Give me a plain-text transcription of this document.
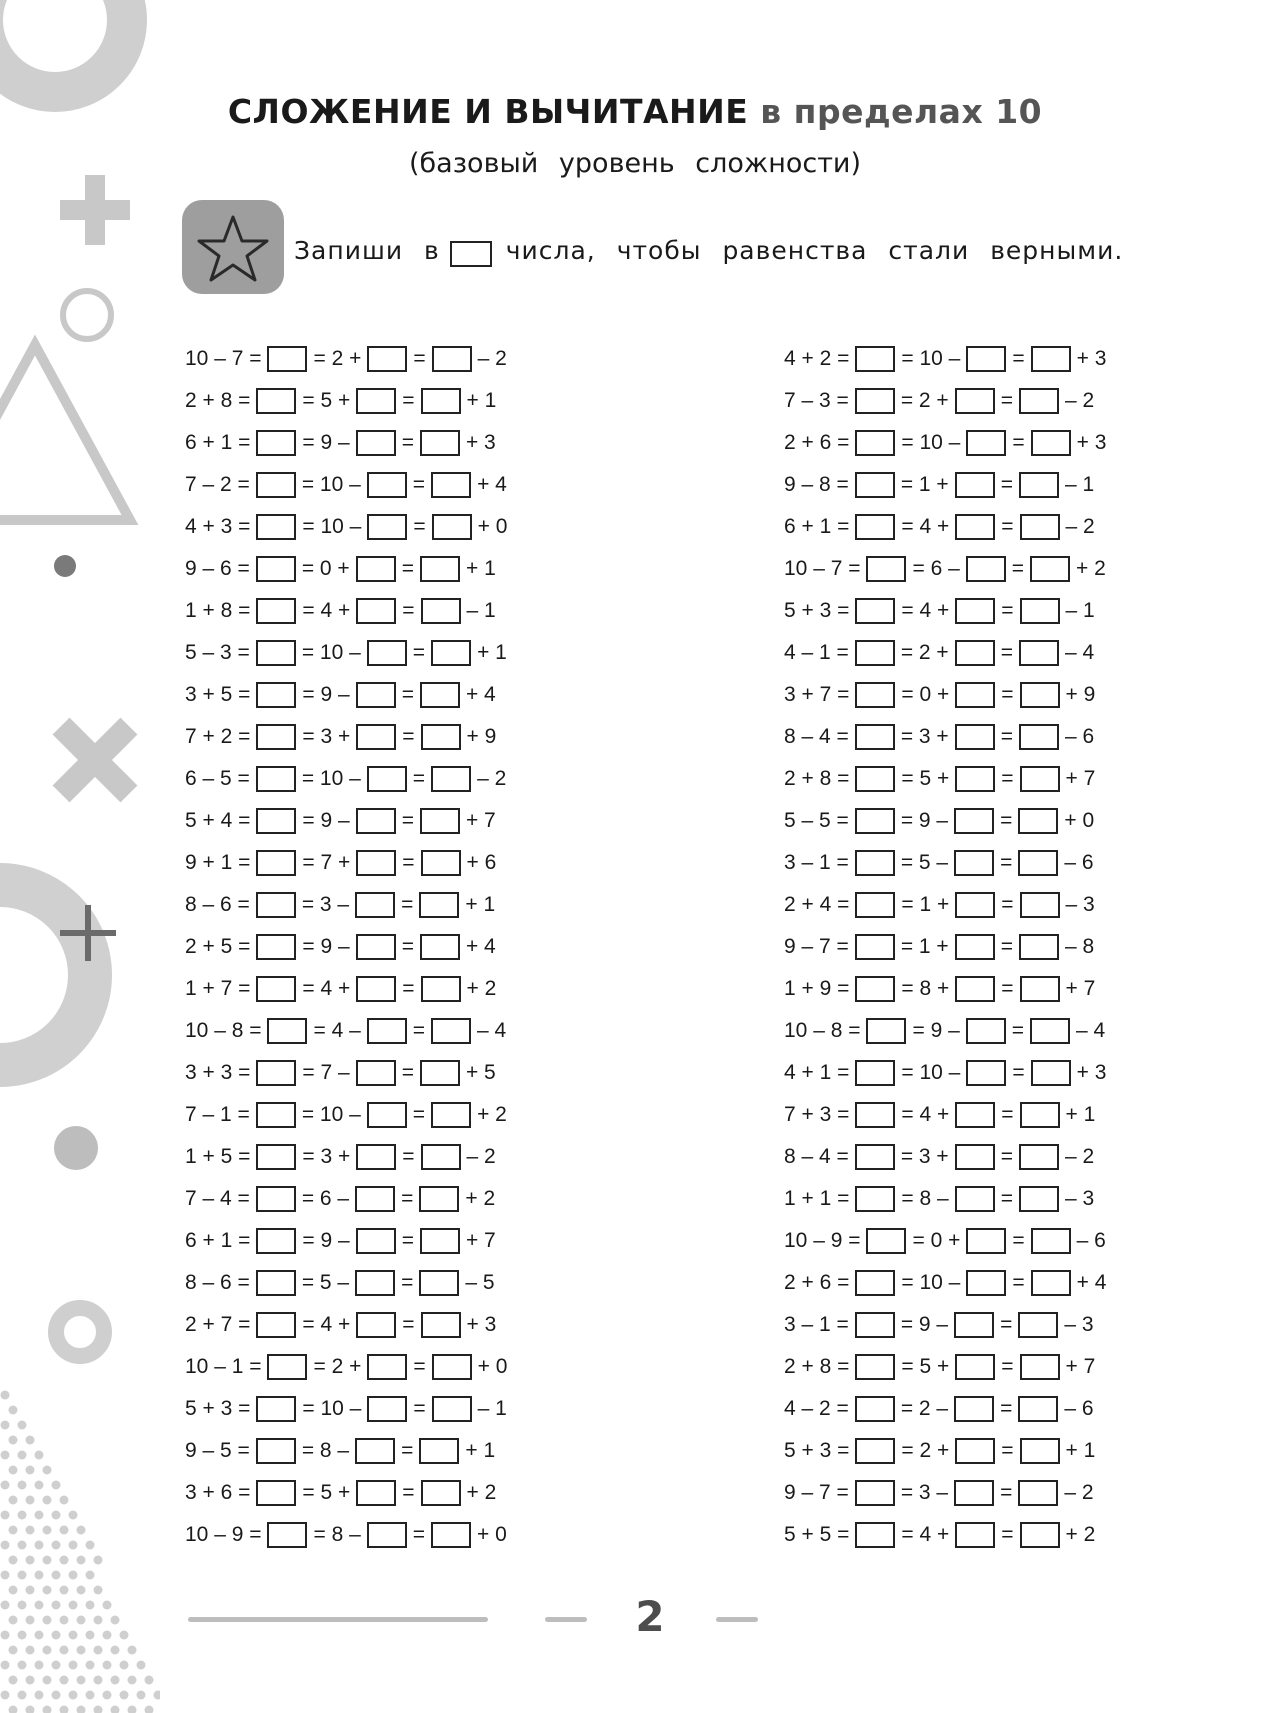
СЛОЖЕНИЕ И ВЫЧИТАНИЕ в пределах 10
(базовый уровень сложности)
Запиши в	числа, чтобы равенства стали верными.
10 – 7 = = 2 + = – 2
2 + 8 = = 5 + = + 1
6 + 1 = = 9 – = + 3
7 – 2 = = 10 – = + 4
4 + 3 = = 10 – = + 0
9 – 6 = = 0 + = + 1
1 + 8 = = 4 + = – 1
5 – 3 = = 10 – = + 1
3 + 5 = = 9 – = + 4
7 + 2 = = 3 + = + 9
6 – 5 = = 10 – = – 2
5 + 4 = = 9 – = + 7
9 + 1 = = 7 + = + 6
8 – 6 = = 3 – = + 1
2 + 5 = = 9 – = + 4
1 + 7 = = 4 + = + 2
10 – 8 = = 4 – = – 4
3 + 3 = = 7 – = + 5
7 – 1 = = 10 – = + 2
1 + 5 = = 3 + = – 2
7 – 4 = = 6 – = + 2
6 + 1 = = 9 – = + 7
8 – 6 = = 5 – = – 5
2 + 7 = = 4 + = + 3
10 – 1 = = 2 + = + 0
5 + 3 = = 10 – = – 1
9 – 5 = = 8 – = + 1
3 + 6 = = 5 + = + 2
10 – 9 = = 8 – = + 0
4 + 2 = = 10 – = + 3
7 – 3 = = 2 + = – 2
2 + 6 = = 10 – = + 3
9 – 8 = = 1 + = – 1
6 + 1 = = 4 + = – 2
10 – 7 = = 6 – = + 2
5 + 3 = = 4 + = – 1
4 – 1 = = 2 + = – 4
3 + 7 = = 0 + = + 9
8 – 4 = = 3 + = – 6
2 + 8 = = 5 + = + 7
5 – 5 = = 9 – = + 0
3 – 1 = = 5 – = – 6
2 + 4 = = 1 + = – 3
9 – 7 = = 1 + = – 8
1 + 9 = = 8 + = + 7
10 – 8 = = 9 – = – 4
4 + 1 = = 10 – = + 3
7 + 3 = = 4 + = + 1
8 – 4 = = 3 + = – 2
1 + 1 = = 8 – = – 3
10 – 9 = = 0 + = – 6
2 + 6 = = 10 – = + 4
3 – 1 = = 9 – = – 3
2 + 8 = = 5 + = + 7
4 – 2 = = 2 – = – 6
5 + 3 = = 2 + = + 1
9 – 7 = = 3 – = – 2
5 + 5 = = 4 + = + 2
2
